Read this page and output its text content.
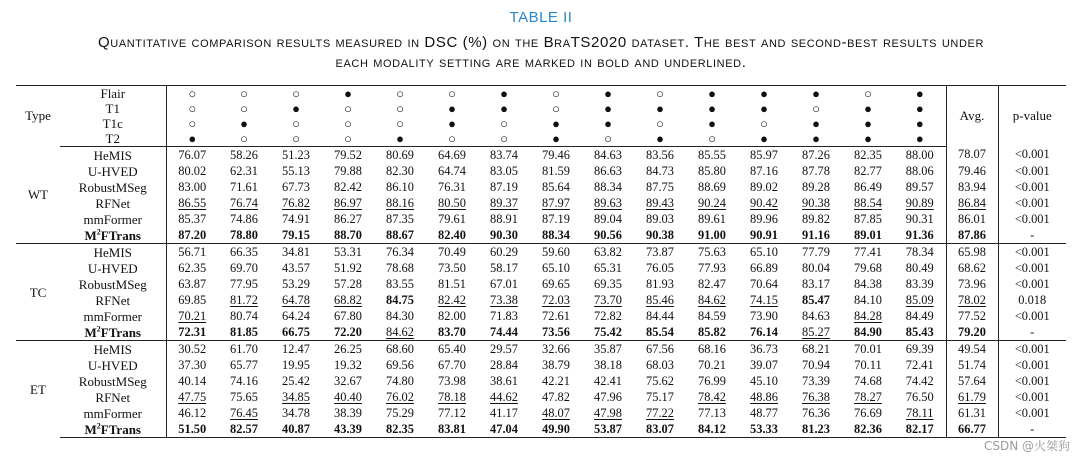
TABLE II
Quantitative comparison results measured in DSC (%) on the BraTS2020 dataset. The best and second-best results under
each modality setting are marked in bold and underlined.
Type	Flair	○	○	○	●	○	○	●	○	●	○	●	●	●	○	●	Avg.	p-value
	T1	○	○	●	○	○	●	●	○	●	●	●	●	○	●	●		
	T1c	○	●	○	○	○	●	○	●	●	○	●	○	●	●	●		
	T2	●	○	○	○	●	○	○	●	○	●	○	●	●	●	●		
WT	HeMIS	76.07	58.26	51.23	79.52	80.69	64.69	83.74	79.46	84.63	83.56	85.55	85.97	87.26	82.35	88.00	78.07	<0.001
	U-HVED	80.02	62.31	55.13	79.88	82.30	64.74	83.05	81.59	86.63	84.73	85.80	87.16	87.78	82.77	88.06	79.46	<0.001
	RobustMSeg	83.00	71.61	67.73	82.42	86.10	76.31	87.19	85.64	88.34	87.75	88.69	89.02	89.28	86.49	89.57	83.94	<0.001
	RFNet	86.55	76.74	76.82	86.97	88.16	80.50	89.37	87.97	89.63	89.43	90.24	90.42	90.38	88.54	90.89	86.84	<0.001
	mmFormer	85.37	74.86	74.91	86.27	87.35	79.61	88.91	87.19	89.04	89.03	89.61	89.96	89.82	87.85	90.31	86.01	<0.001
	$M^2FTrans$	87.20	78.80	79.15	88.70	88.67	82.40	90.30	88.34	90.56	90.38	91.00	90.91	91.16	89.01	91.36	87.86	-
TC	HeMIS	56.71	66.35	34.81	53.31	76.34	70.49	60.29	59.60	63.82	73.87	75.63	65.10	77.79	77.41	78.34	65.98	<0.001
	U-HVED	62.35	69.70	43.57	51.92	78.68	73.50	58.17	65.10	65.31	76.05	77.93	66.89	80.04	79.68	80.49	68.62	<0.001
	RobustMSeg	63.87	77.95	53.29	57.28	83.55	81.51	67.01	69.65	69.35	81.93	82.47	70.64	83.17	84.38	83.39	73.96	<0.001
	RFNet	69.85	81.72	64.78	68.82	84.75	82.42	73.38	72.03	73.70	85.46	84.62	74.15	85.47	84.10	85.09	78.02	0.018
	mmFormer	70.21	80.74	64.24	67.80	84.30	82.00	71.83	72.61	72.82	84.44	84.59	73.90	84.63	84.28	84.49	77.52	<0.001
	$M^2FTrans$	72.31	81.85	66.75	72.20	84.62	83.70	74.44	73.56	75.42	85.54	85.82	76.14	85.27	84.90	85.43	79.20	-
ET	HeMIS	30.52	61.70	12.47	26.25	68.60	65.40	29.57	32.66	35.87	67.56	68.16	36.73	68.21	70.01	69.39	49.54	<0.001
	U-HVED	37.30	65.77	19.95	19.32	69.56	67.70	28.84	38.79	38.18	68.03	70.21	39.07	70.94	70.11	72.41	51.74	<0.001
	RobustMSeg	40.14	74.16	25.42	32.67	74.80	73.98	38.61	42.21	42.41	75.62	76.99	45.10	73.39	74.68	74.42	57.64	<0.001
	RFNet	47.75	75.65	34.85	40.40	76.02	78.18	44.62	47.82	47.96	75.17	78.42	48.86	76.38	78.27	76.50	61.79	<0.001
	mmFormer	46.12	76.45	34.78	38.39	75.29	77.12	41.17	48.07	47.98	77.22	77.13	48.77	76.36	76.69	78.11	61.31	<0.001
	$M^2FTrans$	51.50	82.57	40.87	43.39	82.35	83.81	47.04	49.90	53.87	83.07	84.12	53.33	81.23	82.36	82.17	66.77	-
CSDN @火桀狗
